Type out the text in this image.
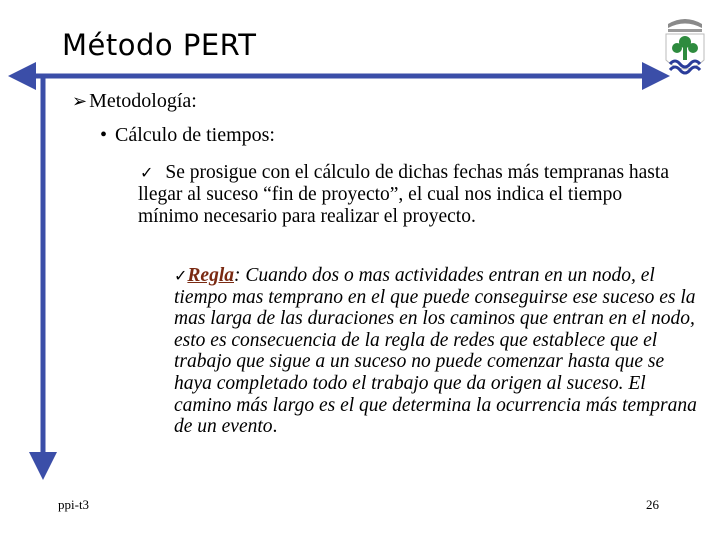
Método PERT
➢ Metodología:
• Cálculo de tiempos:
✓ Se prosigue con el cálculo de dichas fechas más tempranas hasta llegar al suceso “fin de proyecto”, el cual nos indica el tiempo mínimo necesario para realizar el proyecto.
✓Regla: Cuando dos o mas actividades entran en un nodo, el tiempo mas temprano en el que puede conseguirse ese suceso es la mas larga de las duraciones en los caminos que entran en el nodo, esto es consecuencia de la regla de redes que establece que el trabajo que sigue a un suceso no puede comenzar hasta que se haya completado todo el trabajo que da origen al suceso. El camino más largo es el que determina la ocurrencia más temprana de un evento.
ppi-t3	26
